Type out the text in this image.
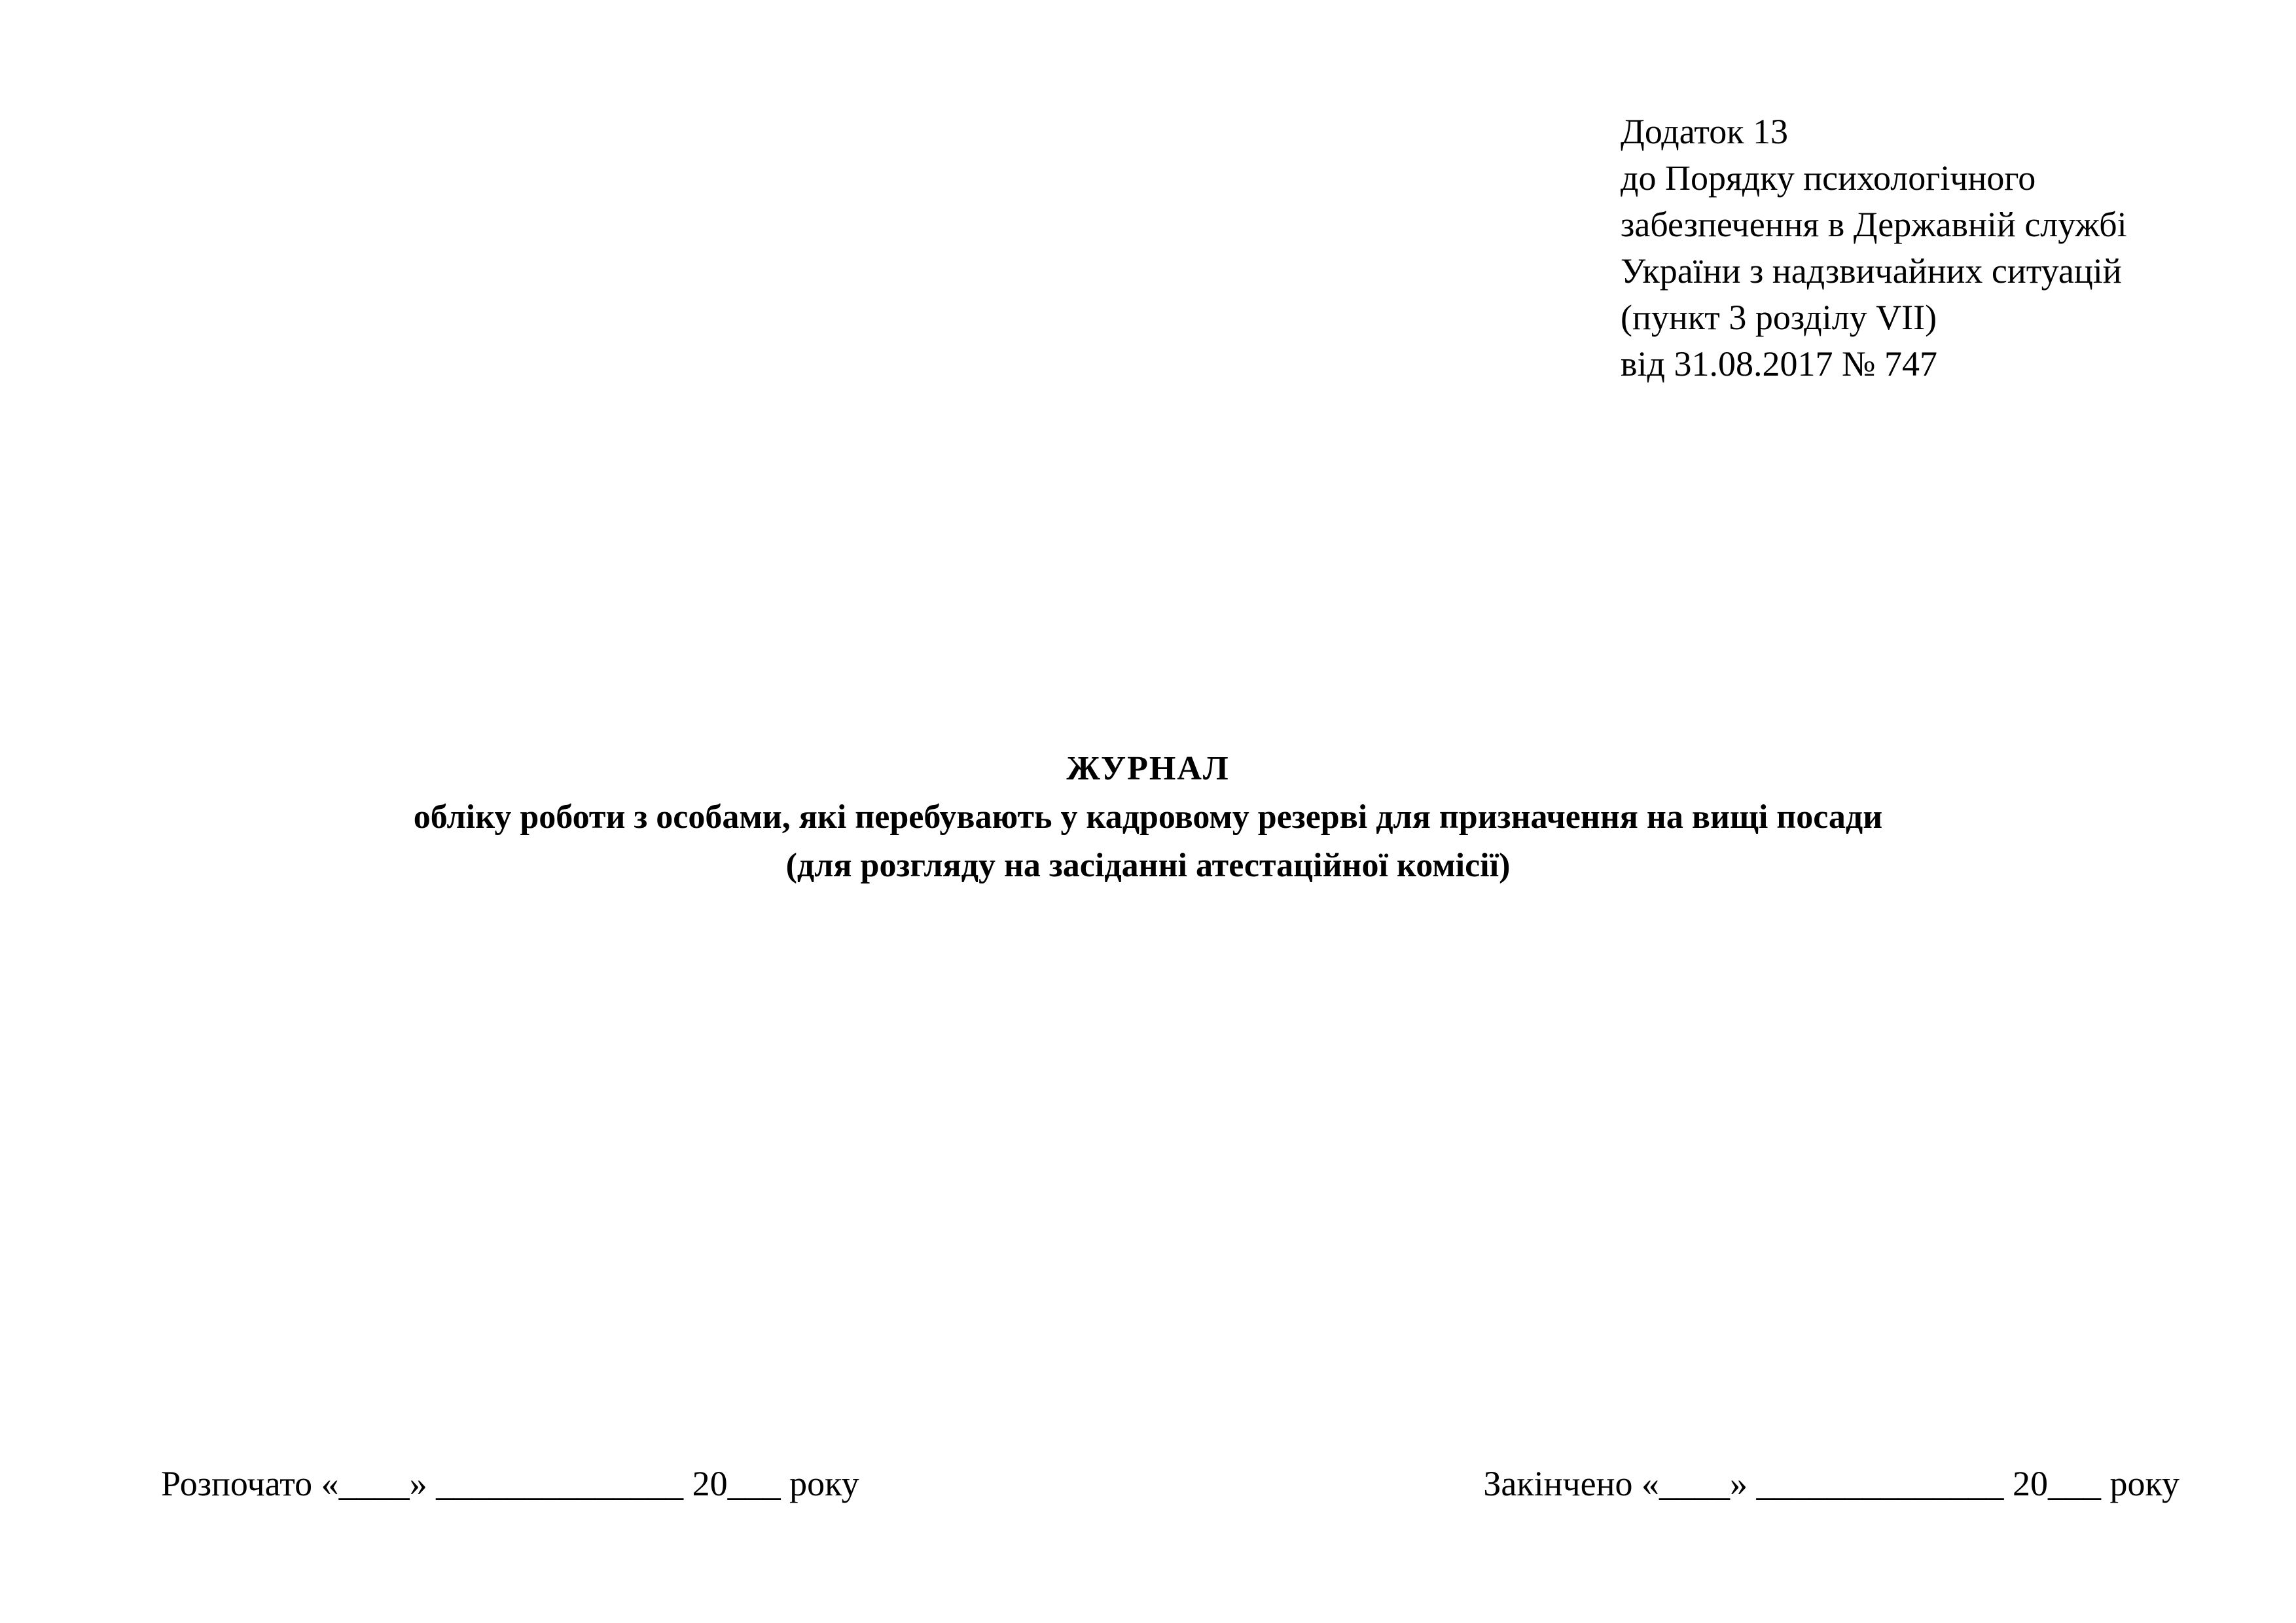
Додаток 13
до Порядку психологічного
забезпечення в Державній службі
України з надзвичайних ситуацій
(пункт 3 розділу VII)
від 31.08.2017 № 747
ЖУРНАЛ
обліку роботи з особами, які перебувають у кадровому резерві для призначення на вищі посади
(для розгляду на засіданні атестаційної комісії)
Розпочато «____» ______________ 20___ року	Закінчено «____» ______________ 20___ року
